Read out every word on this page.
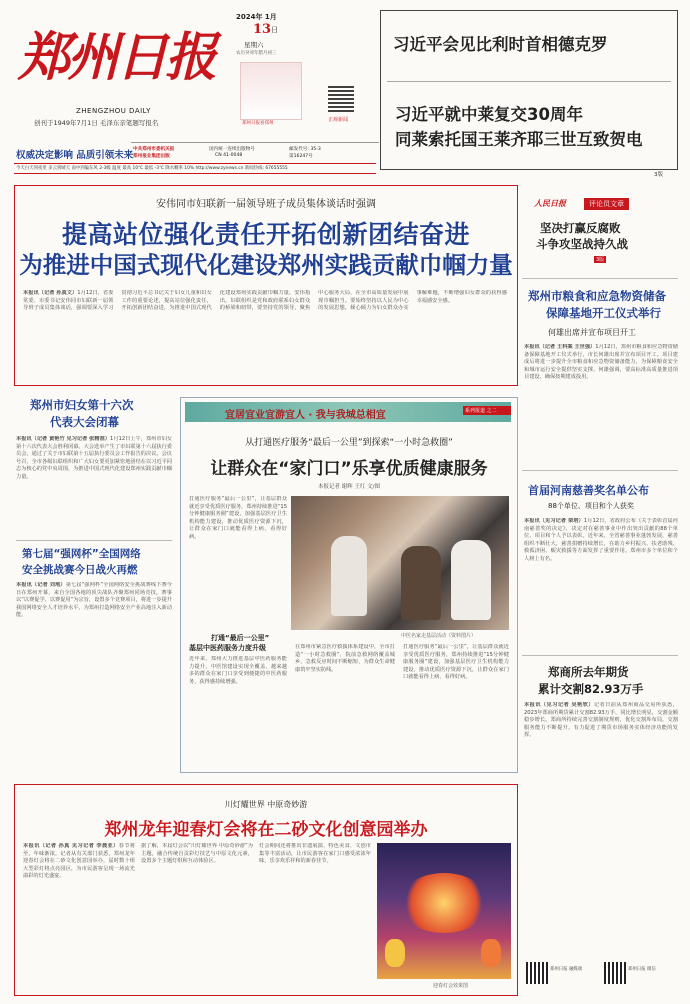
郑州日报
ZHENGZHOU DAILY
创刊于1949年7月1日 毛泽东亲笔题写报名
权威决定影响 品质引领未来
2024年 1月
13 日
星期六
农历癸卯年腊月初三
郑州日报看郑州
正观新闻
中共郑州市委机关报
郑州报业集团出版
国内统一连续出版物号
CN 41-0048
邮发代号: 35-3
第16247号
今天白天到夜里 多云到晴天 南中到偏东风 2-3级 温度 最高 10℃ 最低 -3℃ 降水概率 10% http://www.zynews.cn 新闻热线: 67655555
习近平会见比利时首相德克罗
习近平就中莱复交30周年
同莱索托国王莱齐耶三世互致贺电
3版
安伟同市妇联新一届领导班子成员集体谈话时强调
提高站位强化责任开拓创新团结奋进
为推进中国式现代化建设郑州实践贡献巾帼力量
本报讯（记者 孙真文）1月12日，省委常委、市委书记安伟同市妇联新一届领导班子成员集体谈话，强调要深入学习贯彻习近平总书记关于妇女儿童和妇女工作的重要论述，提高站位强化责任，开拓创新团结奋进，为推进中国式现代化建设郑州实践贡献巾帼力量。安伟指出，妇联组织是党和政府联系妇女群众的桥梁和纽带，要坚持党的领导，聚焦中心服务大局，在全市高质量发展中展现巾帼担当。要始终坚持以人民为中心的发展思想，倾心倾力为妇女群众办实事解难题，不断增强妇女群众的获得感幸福感安全感。
人民日报	评论员文章
坚决打赢反腐败
斗争攻坚战持久战
3版
郑州市粮食和应急物资储备
保障基地开工仪式举行
何雄出席并宣布项目开工
本报讯（记者 王科案 王世强）1月12日，郑州市粮食和应急物资储备保障基地开工仪式举行，市长何雄出席并宣布项目开工。项目建成后将进一步提升全市粮食和应急物资储备能力，为保障粮食安全和城市运行安全提供坚实支撑。何雄强调，要高标准高质量推进项目建设，确保按期建成投用。
郑州市妇女第十六次
代表大会闭幕
本报讯（记者 黄艳竹 见习记者 张精准）1月12日上午，郑州市妇女第十六次代表大会胜利闭幕。大会选举产生了市妇联第十六届执行委员会，通过了关于市妇联第十五届执行委员会工作报告的决议。会议号召，全市各级妇联组织和广大妇女要更加紧密地团结在以习近平同志为核心的党中央周围，为推进中国式现代化建设郑州实践贡献巾帼力量。
第七届“强网杯”全国网络
安全挑战赛今日战火再燃
本报讯（记者 刘地）第七届“强网杯”全国网络安全挑战赛线下赛今日在郑州开幕，来自全国各地的顶尖战队齐聚郑州同场竞技。赛事以“以赛促学、以赛促用”为宗旨，设置多个竞赛项目，将进一步提升我国网络安全人才培养水平，为郑州打造网络安全产业高地注入新动能。
宜居宜业宜游宜人 · 我与我城总相宜	系列报道 之二
从打通医疗服务“最后一公里”到探索“一小时急救圈”
让群众在“家门口”乐享优质健康服务
本报记者 谢辉 王红 文/图
打通医疗服务“最后一公里”，让基层群众就近享受优质医疗服务，郑州持续推进“15分钟健康服务圈”建设，加强基层医疗卫生机构能力建设，推动优质医疗资源下沉，让群众在家门口就能看得上病、看得好病。
中医名家走基层活动（资料图片）
打通“最后一公里”
基层中医药服务力度升级
近年来，郑州大力推进基层中医药服务能力提升，中医馆建设实现全覆盖，越来越多的群众在家门口享受到便捷的中医药服务，获得感持续增强。
在郑州市紧急医疗救援体系建设中，全市打造“一小时急救圈”，院前急救网络覆盖城乡，急救反应时间不断缩短，为群众生命健康筑牢坚实防线。
打通医疗服务“最后一公里”，让基层群众就近享受优质医疗服务，郑州持续推进“15分钟健康服务圈”建设，加强基层医疗卫生机构能力建设，推动优质医疗资源下沉，让群众在家门口就能看得上病、看得好病。
首届河南慈善奖名单公布
88个单位、项目和个人获奖
本报讯（见习记者 栾培）1月12日，省政府公布《关于表彰首届河南慈善奖的决定》，决定对在慈善事业中作出突出贡献的88个单位、项目和个人予以表彰。近年来，全省慈善事业蓬勃发展，慈善组织不断壮大，慈善捐赠持续增长，在助力乡村振兴、扶老助残、救孤济困、赈灾救援等方面发挥了重要作用。郑州市多个单位和个人榜上有名。
郑商所去年期货
累计交割82.93万手
本报讯（见习记者 吴艳欣）记者日前从郑州商品交易所获悉，2023年郑商所期货累计交割82.93万手，同比增长明显，交割金额稳步增长。郑商所持续完善交割制度规则，优化交割库布局，交割服务能力不断提升，有力促进了期货市场服务实体经济功能的发挥。
川灯耀世界 中原奇妙游
郑州龙年迎春灯会将在二砂文化创意园举办
本报讯（记者 孙真 见习记者 李晨亚）春节将至，年味渐浓。记者从有关部门获悉，郑州龙年迎春灯会将在二砂文化创意园举办，届时数十组大型彩灯将点亮园区，为市民游客呈现一场流光溢彩的灯光盛宴。
据了解，本届灯会以“川灯耀世界 中原奇妙游”为主题，融合传统自贡彩灯技艺与中原文化元素，设置多个主题灯组和互动体验区。
灯会期间还将推出非遗展演、特色美食、文创市集等丰富活动，让市民游客在家门口感受浓浓年味，乐享欢乐祥和的新春佳节。
迎春灯会效果图
郑州日报 融媒端	郑州日报 微信
